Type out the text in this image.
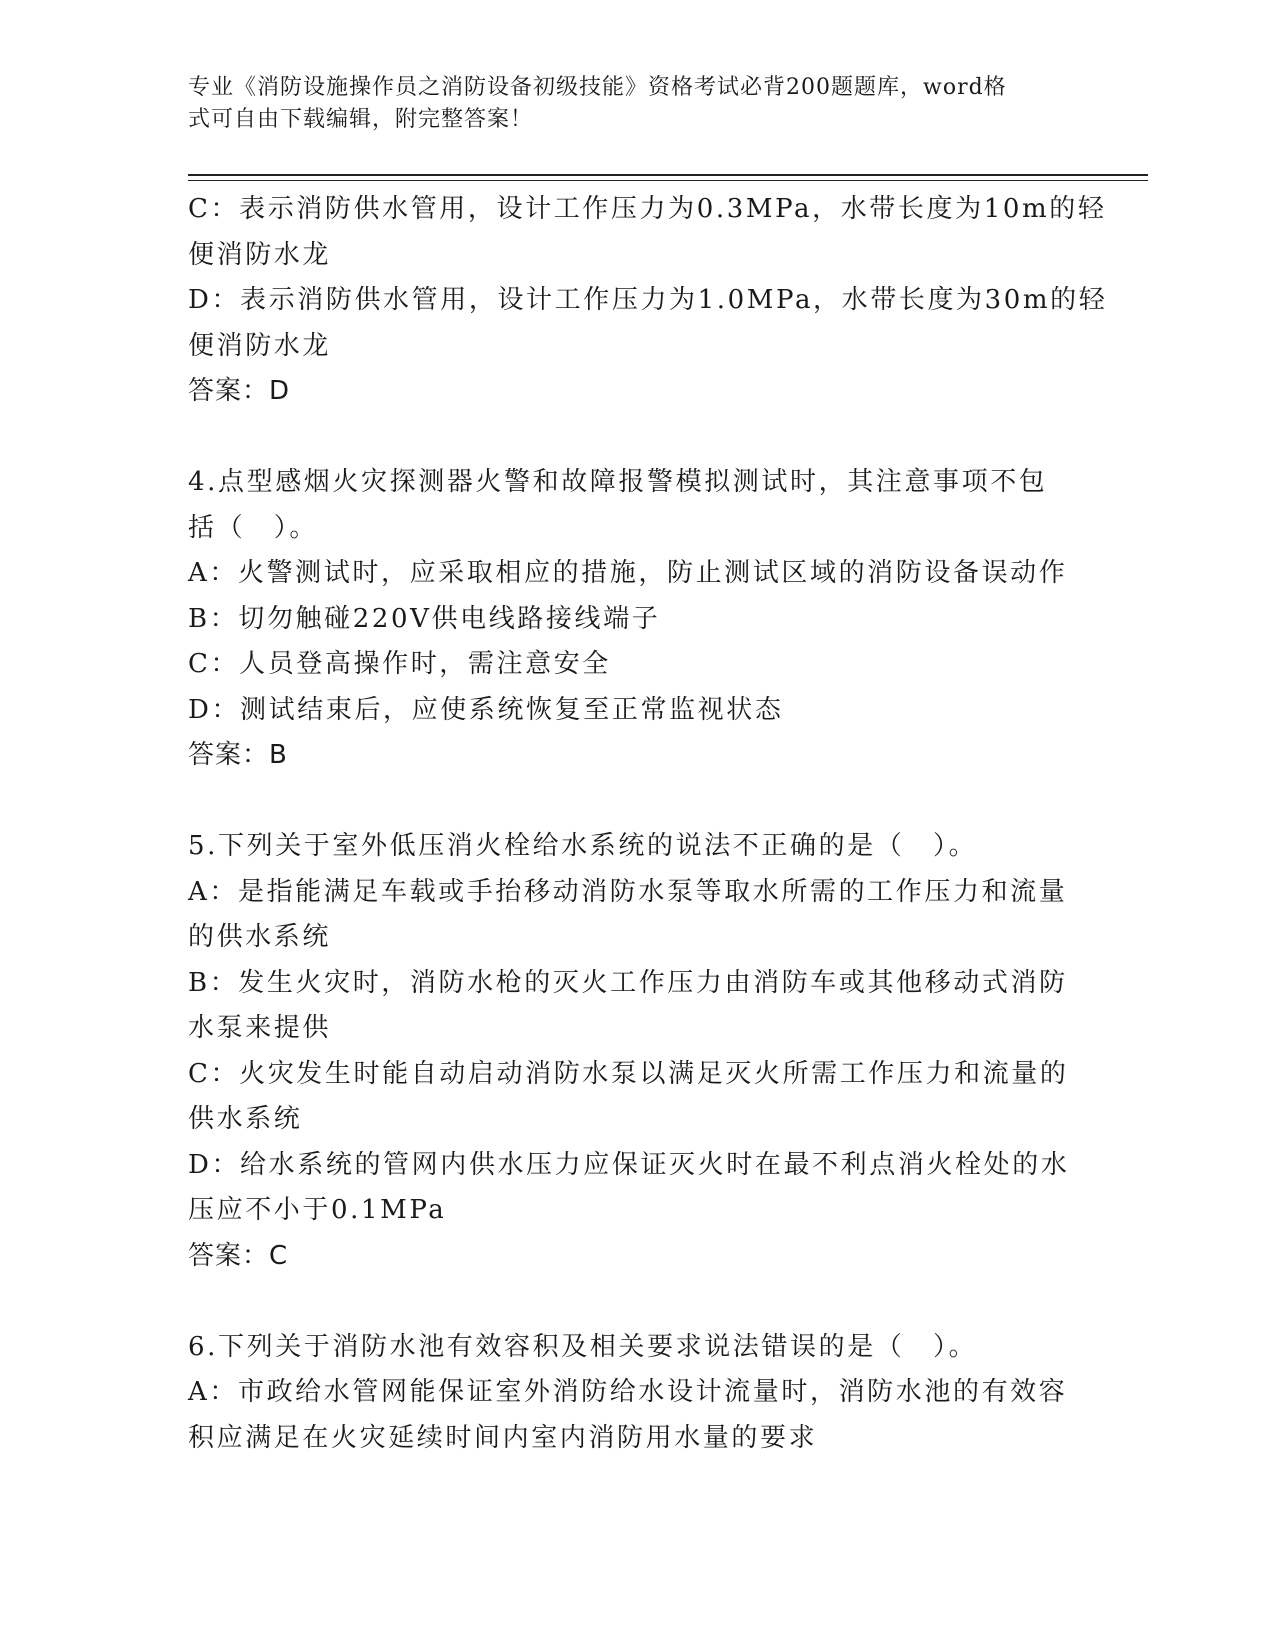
专业《消防设施操作员之消防设备初级技能》资格考试必背200题题库，word格
式可自由下载编辑，附完整答案！
C：表示消防供水管用，设计工作压力为0.3MPa，水带长度为10m的轻
便消防水龙
D：表示消防供水管用，设计工作压力为1.0MPa，水带长度为30m的轻
便消防水龙
答案：D
4.点型感烟火灾探测器火警和故障报警模拟测试时，其注意事项不包
括（　）。
A：火警测试时，应采取相应的措施，防止测试区域的消防设备误动作
B：切勿触碰220V供电线路接线端子
C：人员登高操作时，需注意安全
D：测试结束后，应使系统恢复至正常监视状态
答案：B
5.下列关于室外低压消火栓给水系统的说法不正确的是（　）。
A：是指能满足车载或手抬移动消防水泵等取水所需的工作压力和流量
的供水系统
B：发生火灾时，消防水枪的灭火工作压力由消防车或其他移动式消防
水泵来提供
C：火灾发生时能自动启动消防水泵以满足灭火所需工作压力和流量的
供水系统
D：给水系统的管网内供水压力应保证灭火时在最不利点消火栓处的水
压应不小于0.1MPa
答案：C
6.下列关于消防水池有效容积及相关要求说法错误的是（　）。
A：市政给水管网能保证室外消防给水设计流量时，消防水池的有效容
积应满足在火灾延续时间内室内消防用水量的要求
